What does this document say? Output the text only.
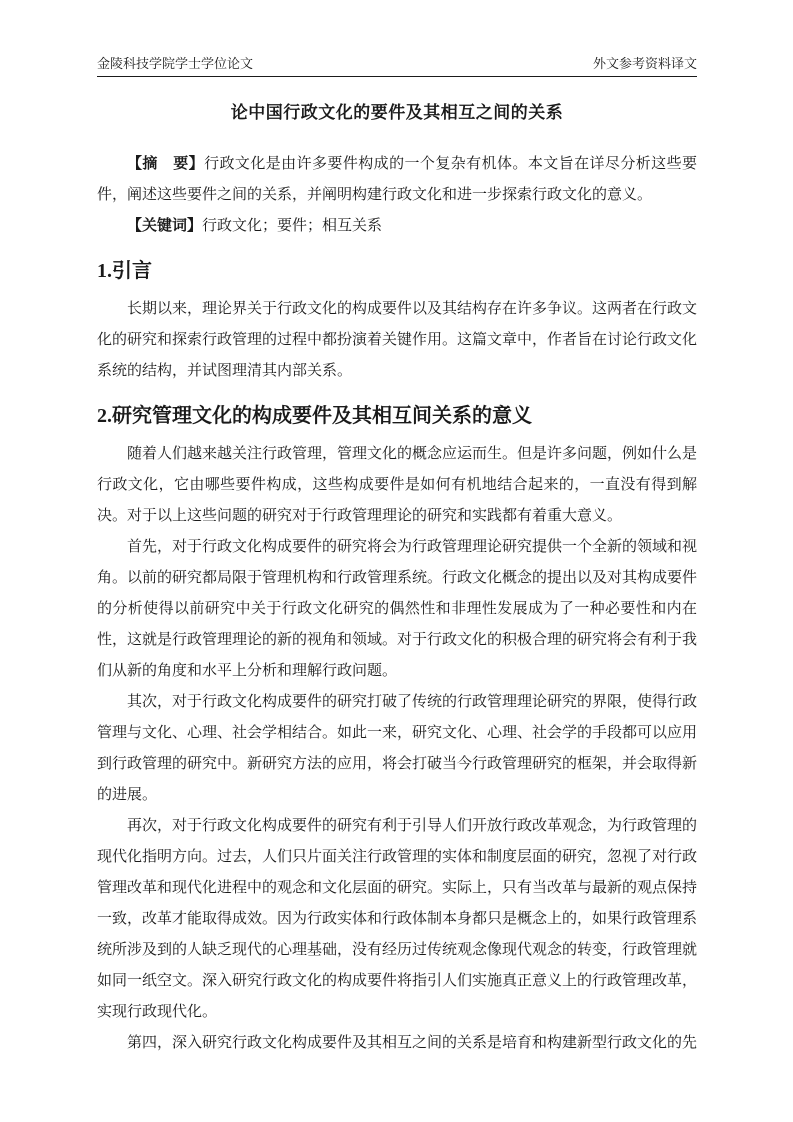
金陵科技学院学士学位论文	外文参考资料译文
论中国行政文化的要件及其相互之间的关系

【摘　要】行政文化是由许多要件构成的一个复杂有机体。本文旨在详尽分析这些要件，阐述这些要件之间的关系，并阐明构建行政文化和进一步探索行政文化的意义。

【关键词】行政文化；要件；相互关系

1.引言

长期以来，理论界关于行政文化的构成要件以及其结构存在许多争议。这两者在行政文化的研究和探索行政管理的过程中都扮演着关键作用。这篇文章中，作者旨在讨论行政文化系统的结构，并试图理清其内部关系。

2.研究管理文化的构成要件及其相互间关系的意义

随着人们越来越关注行政管理，管理文化的概念应运而生。但是许多问题，例如什么是行政文化，它由哪些要件构成，这些构成要件是如何有机地结合起来的，一直没有得到解决。对于以上这些问题的研究对于行政管理理论的研究和实践都有着重大意义。

首先，对于行政文化构成要件的研究将会为行政管理理论研究提供一个全新的领域和视角。以前的研究都局限于管理机构和行政管理系统。行政文化概念的提出以及对其构成要件的分析使得以前研究中关于行政文化研究的偶然性和非理性发展成为了一种必要性和内在性，这就是行政管理理论的新的视角和领域。对于行政文化的积极合理的研究将会有利于我们从新的角度和水平上分析和理解行政问题。

其次，对于行政文化构成要件的研究打破了传统的行政管理理论研究的界限，使得行政管理与文化、心理、社会学相结合。如此一来，研究文化、心理、社会学的手段都可以应用到行政管理的研究中。新研究方法的应用，将会打破当今行政管理研究的框架，并会取得新的进展。

再次，对于行政文化构成要件的研究有利于引导人们开放行政改革观念，为行政管理的现代化指明方向。过去，人们只片面关注行政管理的实体和制度层面的研究，忽视了对行政管理改革和现代化进程中的观念和文化层面的研究。实际上，只有当改革与最新的观点保持一致，改革才能取得成效。因为行政实体和行政体制本身都只是概念上的，如果行政管理系统所涉及到的人缺乏现代的心理基础，没有经历过传统观念像现代观念的转变，行政管理就如同一纸空文。深入研究行政文化的构成要件将指引人们实施真正意义上的行政管理改革，实现行政现代化。

第四，深入研究行政文化构成要件及其相互之间的关系是培育和构建新型行政文化的先
